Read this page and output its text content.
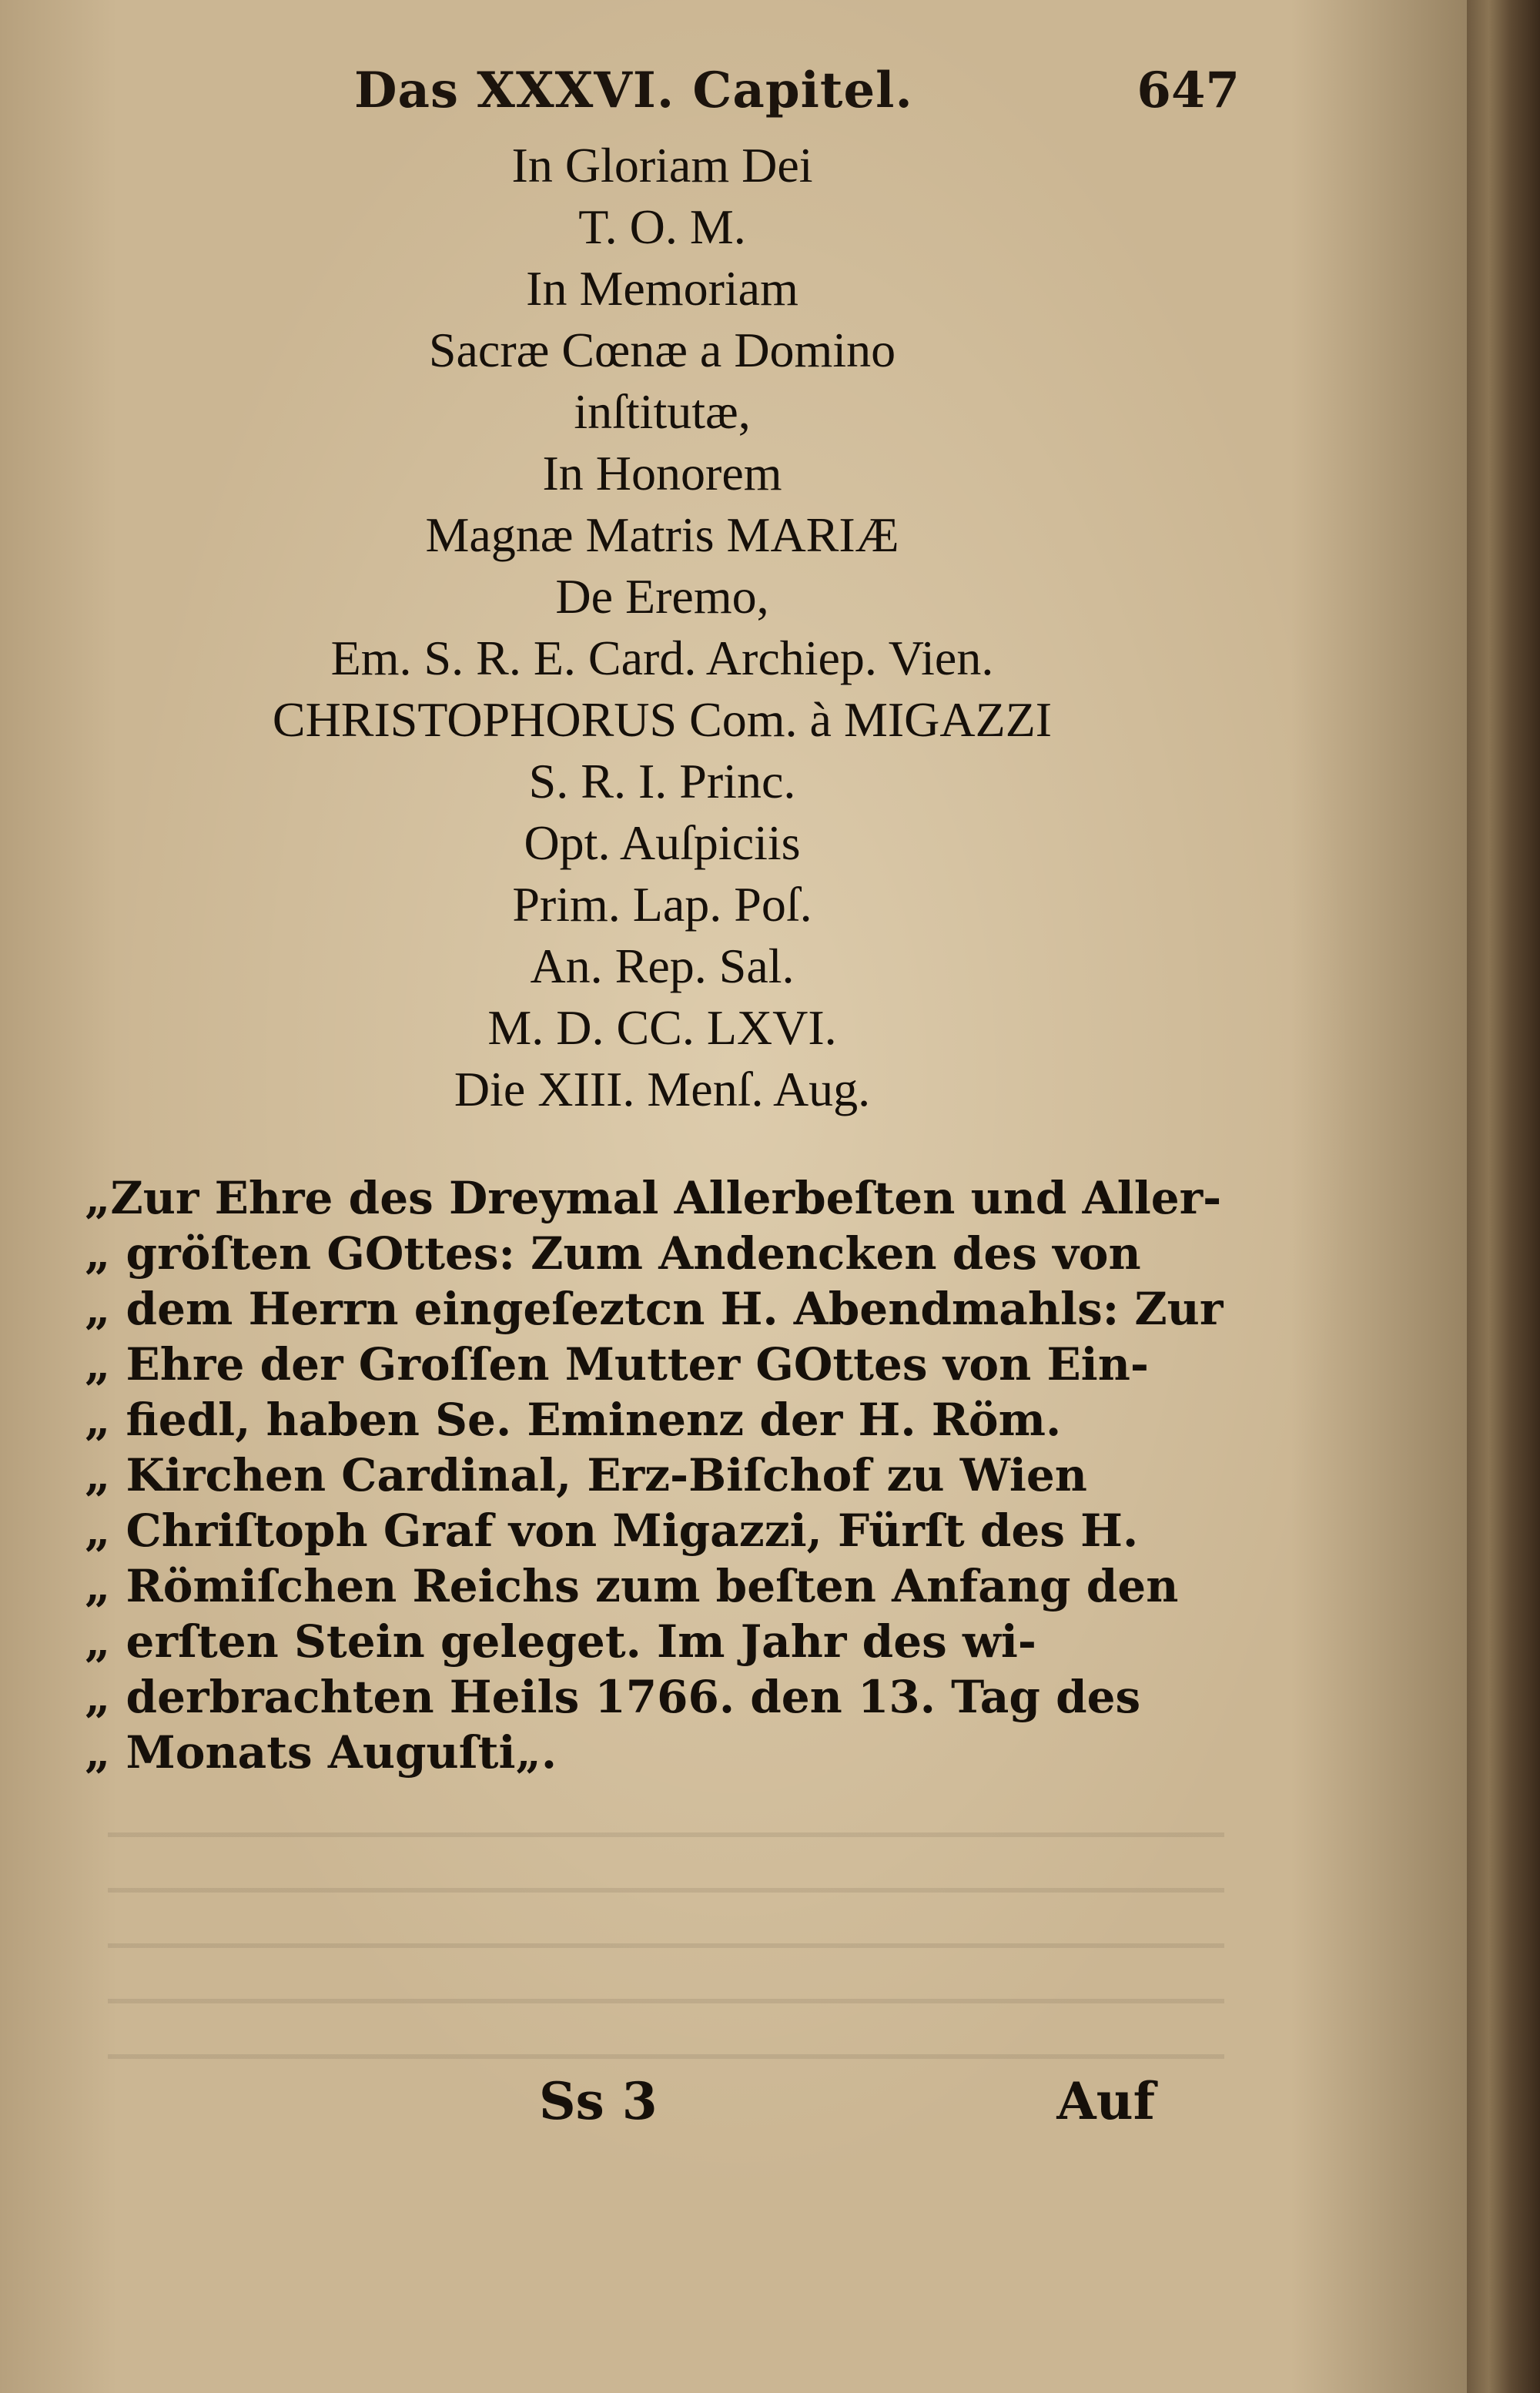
Das XXXVI. Capitel.	647
In Gloriam Dei
T. O. M.
In Memoriam
Sacræ Cœnæ a Domino
inſtitutæ,
In Honorem
Magnæ Matris MARIÆ
De Eremo,
Em. S. R. E. Card. Archiep. Vien.
CHRISTOPHORUS Com. à MIGAZZI
S. R. I. Princ.
Opt. Auſpiciis
Prim. Lap. Poſ.
An. Rep. Sal.
M. D. CC. LXVI.
Die XIII. Menſ. Aug.
„Zur Ehre des Dreymal Allerbeſten und Aller-
„ gröſten GOttes: Zum Andencken des von
„ dem Herrn eingeſeztcn H. Abendmahls: Zur
„ Ehre der Groſſen Mutter GOttes von Ein-
„ fiedl, haben Se. Eminenz der H. Röm.
„ Kirchen Cardinal, Erz-Biſchof zu Wien
„ Chriſtoph Graf von Migazzi, Fürſt des H.
„ Römiſchen Reichs zum beſten Anfang den
„ erſten Stein geleget. Im Jahr des wi-
„ derbrachten Heils 1766. den 13. Tag des
„ Monats Auguſti„.
Ss 3	Auf
